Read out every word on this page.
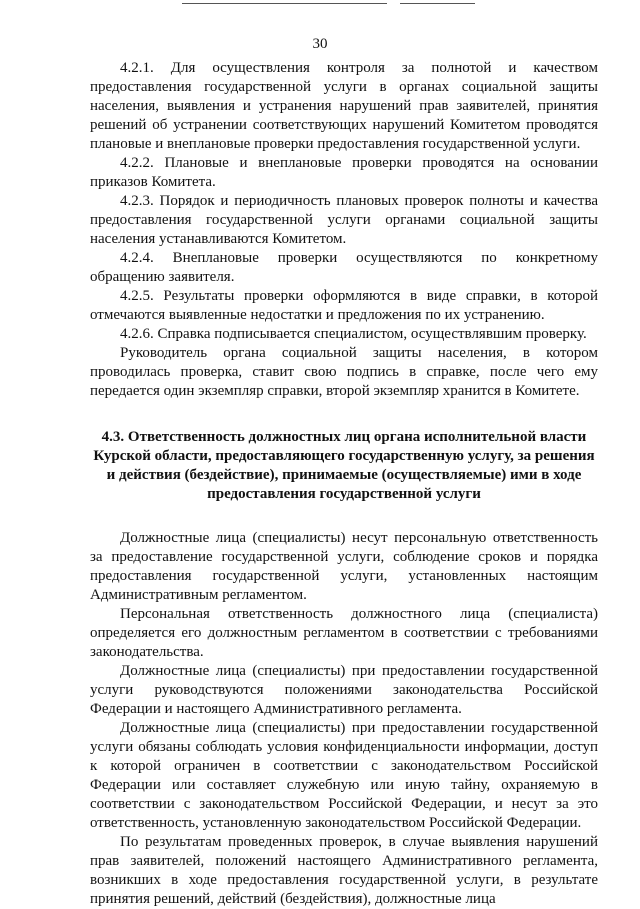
30

4.2.1. Для осуществления контроля за полнотой и качеством предоставления государственной услуги в органах социальной защиты населения, выявления и устранения нарушений прав заявителей, принятия решений об устранении соответствующих нарушений Комитетом проводятся плановые и внеплановые проверки предоставления государственной услуги.

4.2.2. Плановые и внеплановые проверки проводятся на основании приказов Комитета.

4.2.3. Порядок и периодичность плановых проверок полноты и качества предоставления государственной услуги органами социальной защиты населения устанавливаются Комитетом.

4.2.4. Внеплановые проверки осуществляются по конкретному обращению заявителя.

4.2.5. Результаты проверки оформляются в виде справки, в которой отмечаются выявленные недостатки и предложения по их устранению.

4.2.6. Справка подписывается специалистом, осуществлявшим проверку.

Руководитель органа социальной защиты населения, в котором проводилась проверка, ставит свою подпись в справке, после чего ему передается один экземпляр справки, второй экземпляр хранится в Комитете.

4.3. Ответственность должностных лиц органа исполнительной власти Курской области, предоставляющего государственную услугу, за решения и действия (бездействие), принимаемые (осуществляемые) ими в ходе предоставления государственной услуги

Должностные лица (специалисты) несут персональную ответственность за предоставление государственной услуги, соблюдение сроков и порядка предоставления государственной услуги, установленных настоящим Административным регламентом.

Персональная ответственность должностного лица (специалиста) определяется его должностным регламентом в соответствии с требованиями законодательства.

Должностные лица (специалисты) при предоставлении государственной услуги руководствуются положениями законодательства Российской Федерации и настоящего Административного регламента.

Должностные лица (специалисты) при предоставлении государственной услуги обязаны соблюдать условия конфиденциальности информации, доступ к которой ограничен в соответствии с законодательством Российской Федерации или составляет служебную или иную тайну, охраняемую в соответствии с законодательством Российской Федерации, и несут за это ответственность, установленную законодательством Российской Федерации.

По результатам проведенных проверок, в случае выявления нарушений прав заявителей, положений настоящего Административного регламента, возникших в ходе предоставления государственной услуги, в результате принятия решений, действий (бездействия), должностные лица
